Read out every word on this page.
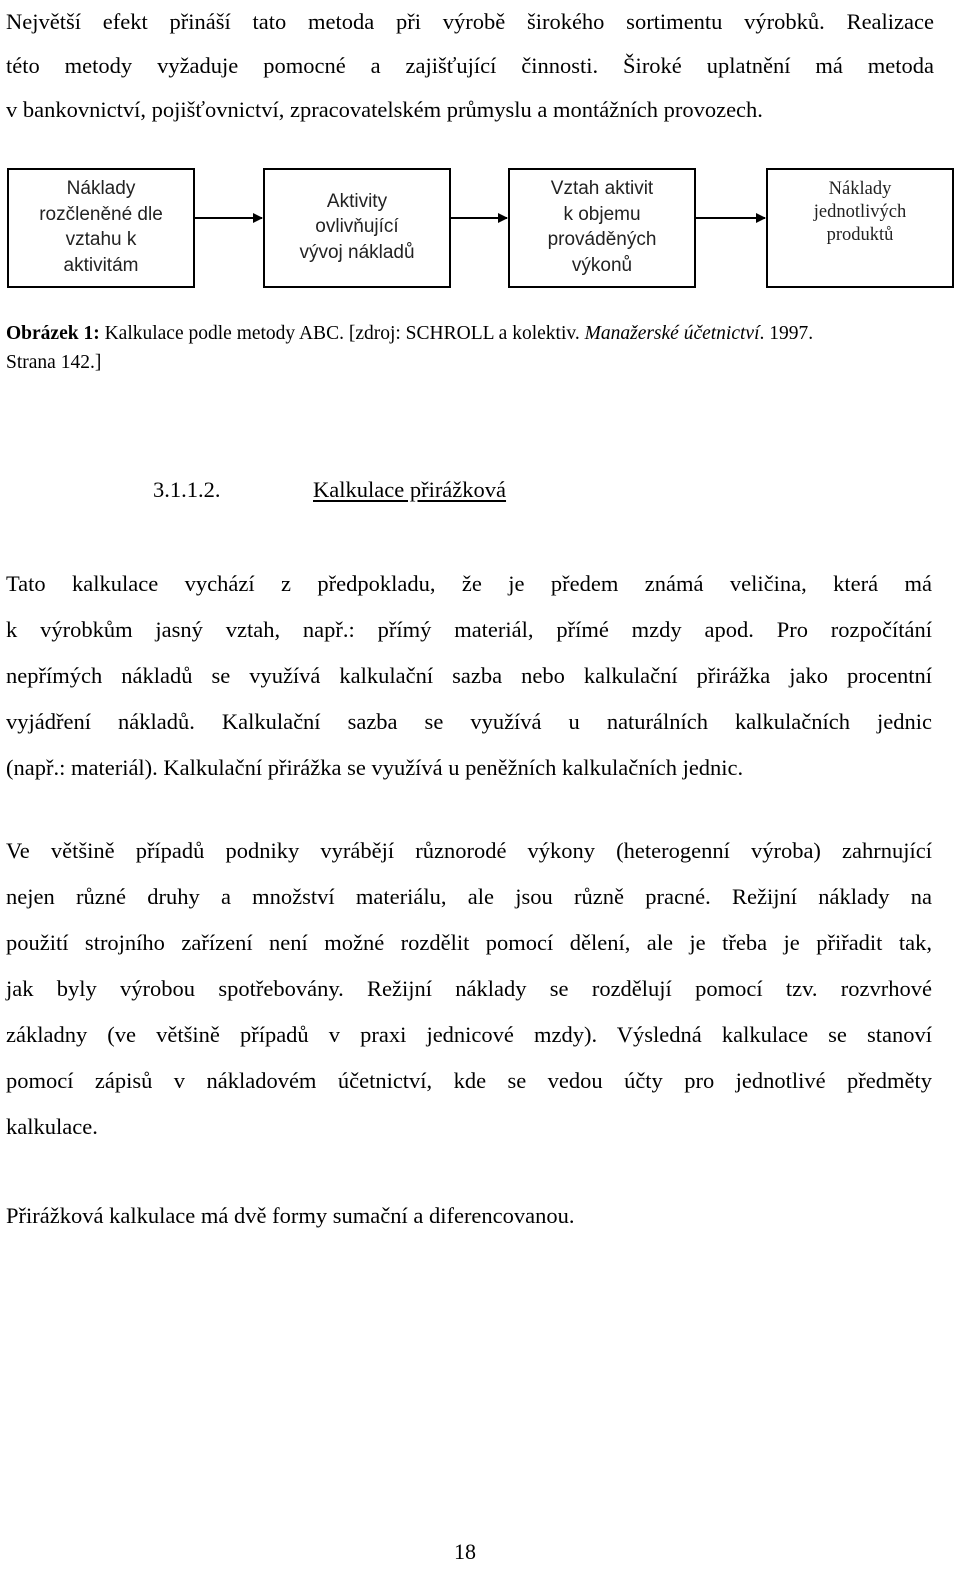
Největší efekt přináší tato metoda při výrobě širokého sortimentu výrobků. Realizace
této metody vyžaduje pomocné a zajišťující činnosti. Široké uplatnění má metoda
v bankovnictví, pojišťovnictví, zpracovatelském průmyslu a montážních provozech.

Náklady
rozčleněné dle
vztahu k
aktivitám
Aktivity
ovlivňující
vývoj nákladů
Vztah aktivit
k objemu
prováděných
výkonů
Náklady
jednotlivých
produktů

Obrázek 1: Kalkulace podle metody ABC. [zdroj: SCHROLL a kolektiv. Manažerské účetnictví. 1997.
Strana 142.]

3.1.1.2.	Kalkulace přirážková
Tato kalkulace vychází z předpokladu, že je předem známá veličina, která má
k výrobkům jasný vztah, např.: přímý materiál, přímé mzdy apod. Pro rozpočítání
nepřímých nákladů se využívá kalkulační sazba nebo kalkulační přirážka jako procentní
vyjádření nákladů. Kalkulační sazba se využívá u naturálních kalkulačních jednic
(např.: materiál). Kalkulační přirážka se využívá u peněžních kalkulačních jednic.
Ve většině případů podniky vyrábějí různorodé výkony (heterogenní výroba) zahrnující
nejen různé druhy a množství materiálu, ale jsou různě pracné. Režijní náklady na
použití strojního zařízení není možné rozdělit pomocí dělení, ale je třeba je přiřadit tak,
jak byly výrobou spotřebovány. Režijní náklady se rozdělují pomocí tzv. rozvrhové
základny (ve většině případů v praxi jednicové mzdy). Výsledná kalkulace se stanoví
pomocí zápisů v nákladovém účetnictví, kde se vedou účty pro jednotlivé předměty
kalkulace.
Přirážková kalkulace má dvě formy sumační a diferencovanou.

18
